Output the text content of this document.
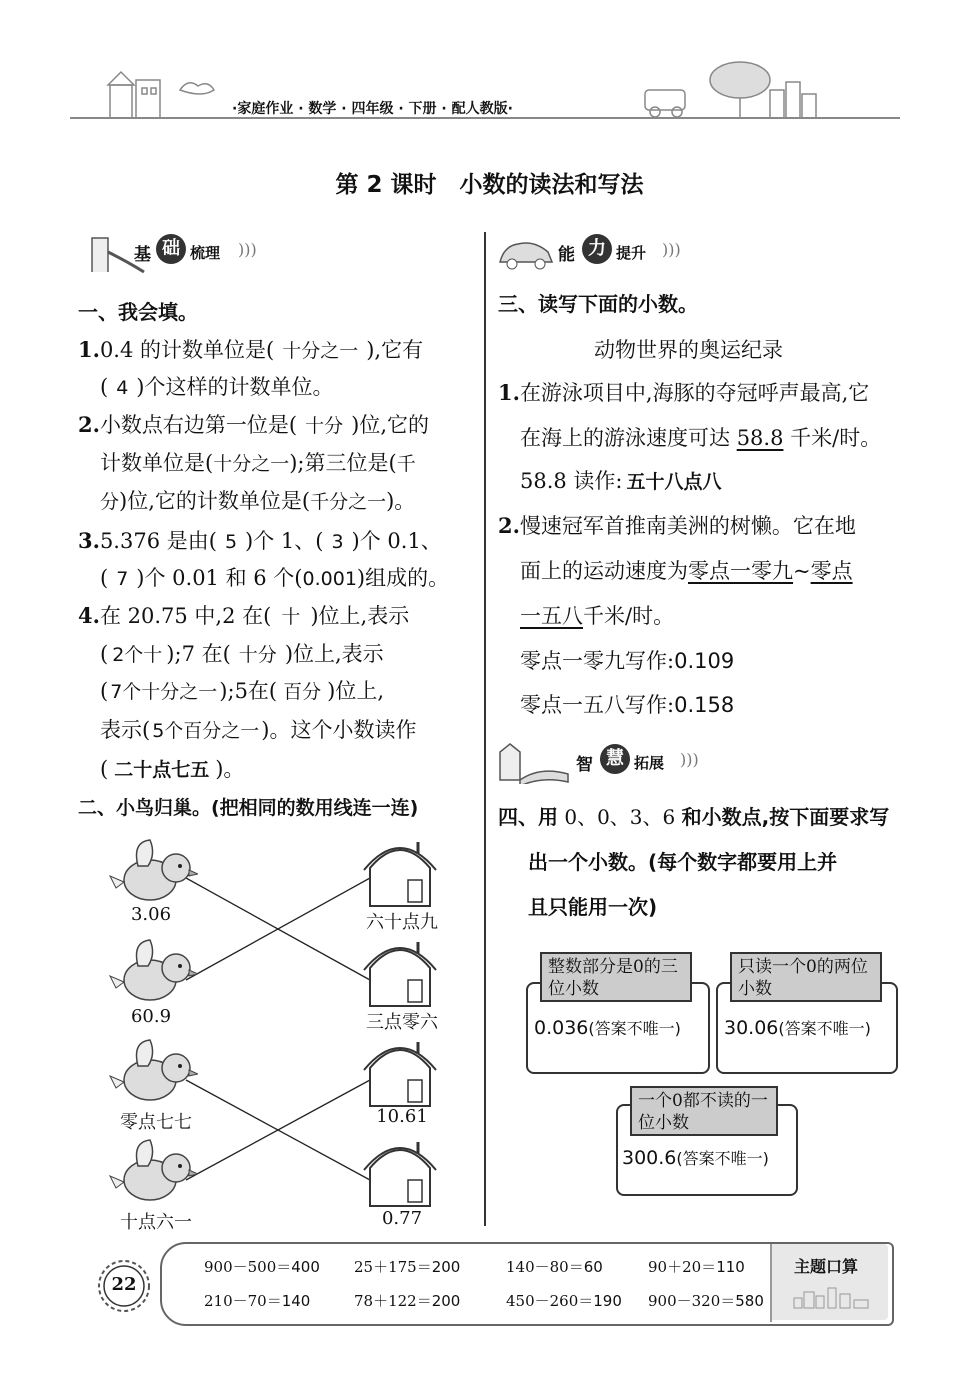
·家庭作业 · 数学 · 四年级 · 下册 · 配人教版·
第 2 课时　小数的读法和写法
基 础 梳理 )))
一、我会填。
1.0.4 的计数单位是( 十分之一 ),它有
( 4 )个这样的计数单位。
2.小数点右边第一位是( 十分 )位,它的
计数单位是(十分之一);第三位是(千
分)位,它的计数单位是(千分之一)。
3.5.376 是由( 5 )个 1、( 3 )个 0.1、
( 7 )个 0.01 和 6 个(0.001)组成的。
4.在 20.75 中,2 在( 十 )位上,表示
( 2个十 );7 在( 十分 )位上,表示
( 7个十分之一);5在( 百分 )位上,
表示( 5个百分之一)。这个小数读作
( 二十点七五 )。
二、小鸟归巢。(把相同的数用线连一连)
3.06
60.9
零点七七
十点六一
六十点九
三点零六
10.61
0.77
能 力 提升 )))
三、读写下面的小数。
动物世界的奥运纪录
1.在游泳项目中,海豚的夺冠呼声最高,它
在海上的游泳速度可达 58.8 千米/时。
58.8 读作: 五十八点八
2.慢速冠军首推南美洲的树懒。它在地
面上的运动速度为零点一零九~零点
一五八千米/时。
零点一零九写作:0.109
零点一五八写作:0.158
智 慧 拓展 )))
四、用 0、0、3、6 和小数点,按下面要求写
出一个小数。(每个数字都要用上并
且只能用一次)
整数部分是0的三位小数
0.036(答案不唯一)
只读一个0的两位小数
30.06(答案不唯一)
一个0都不读的一位小数
300.6(答案不唯一)
22
主题口算
900－500＝400 25＋175＝200	140－80＝60	90＋20＝110
210－70＝140	78＋122＝200	450－260＝190 900－320＝580
